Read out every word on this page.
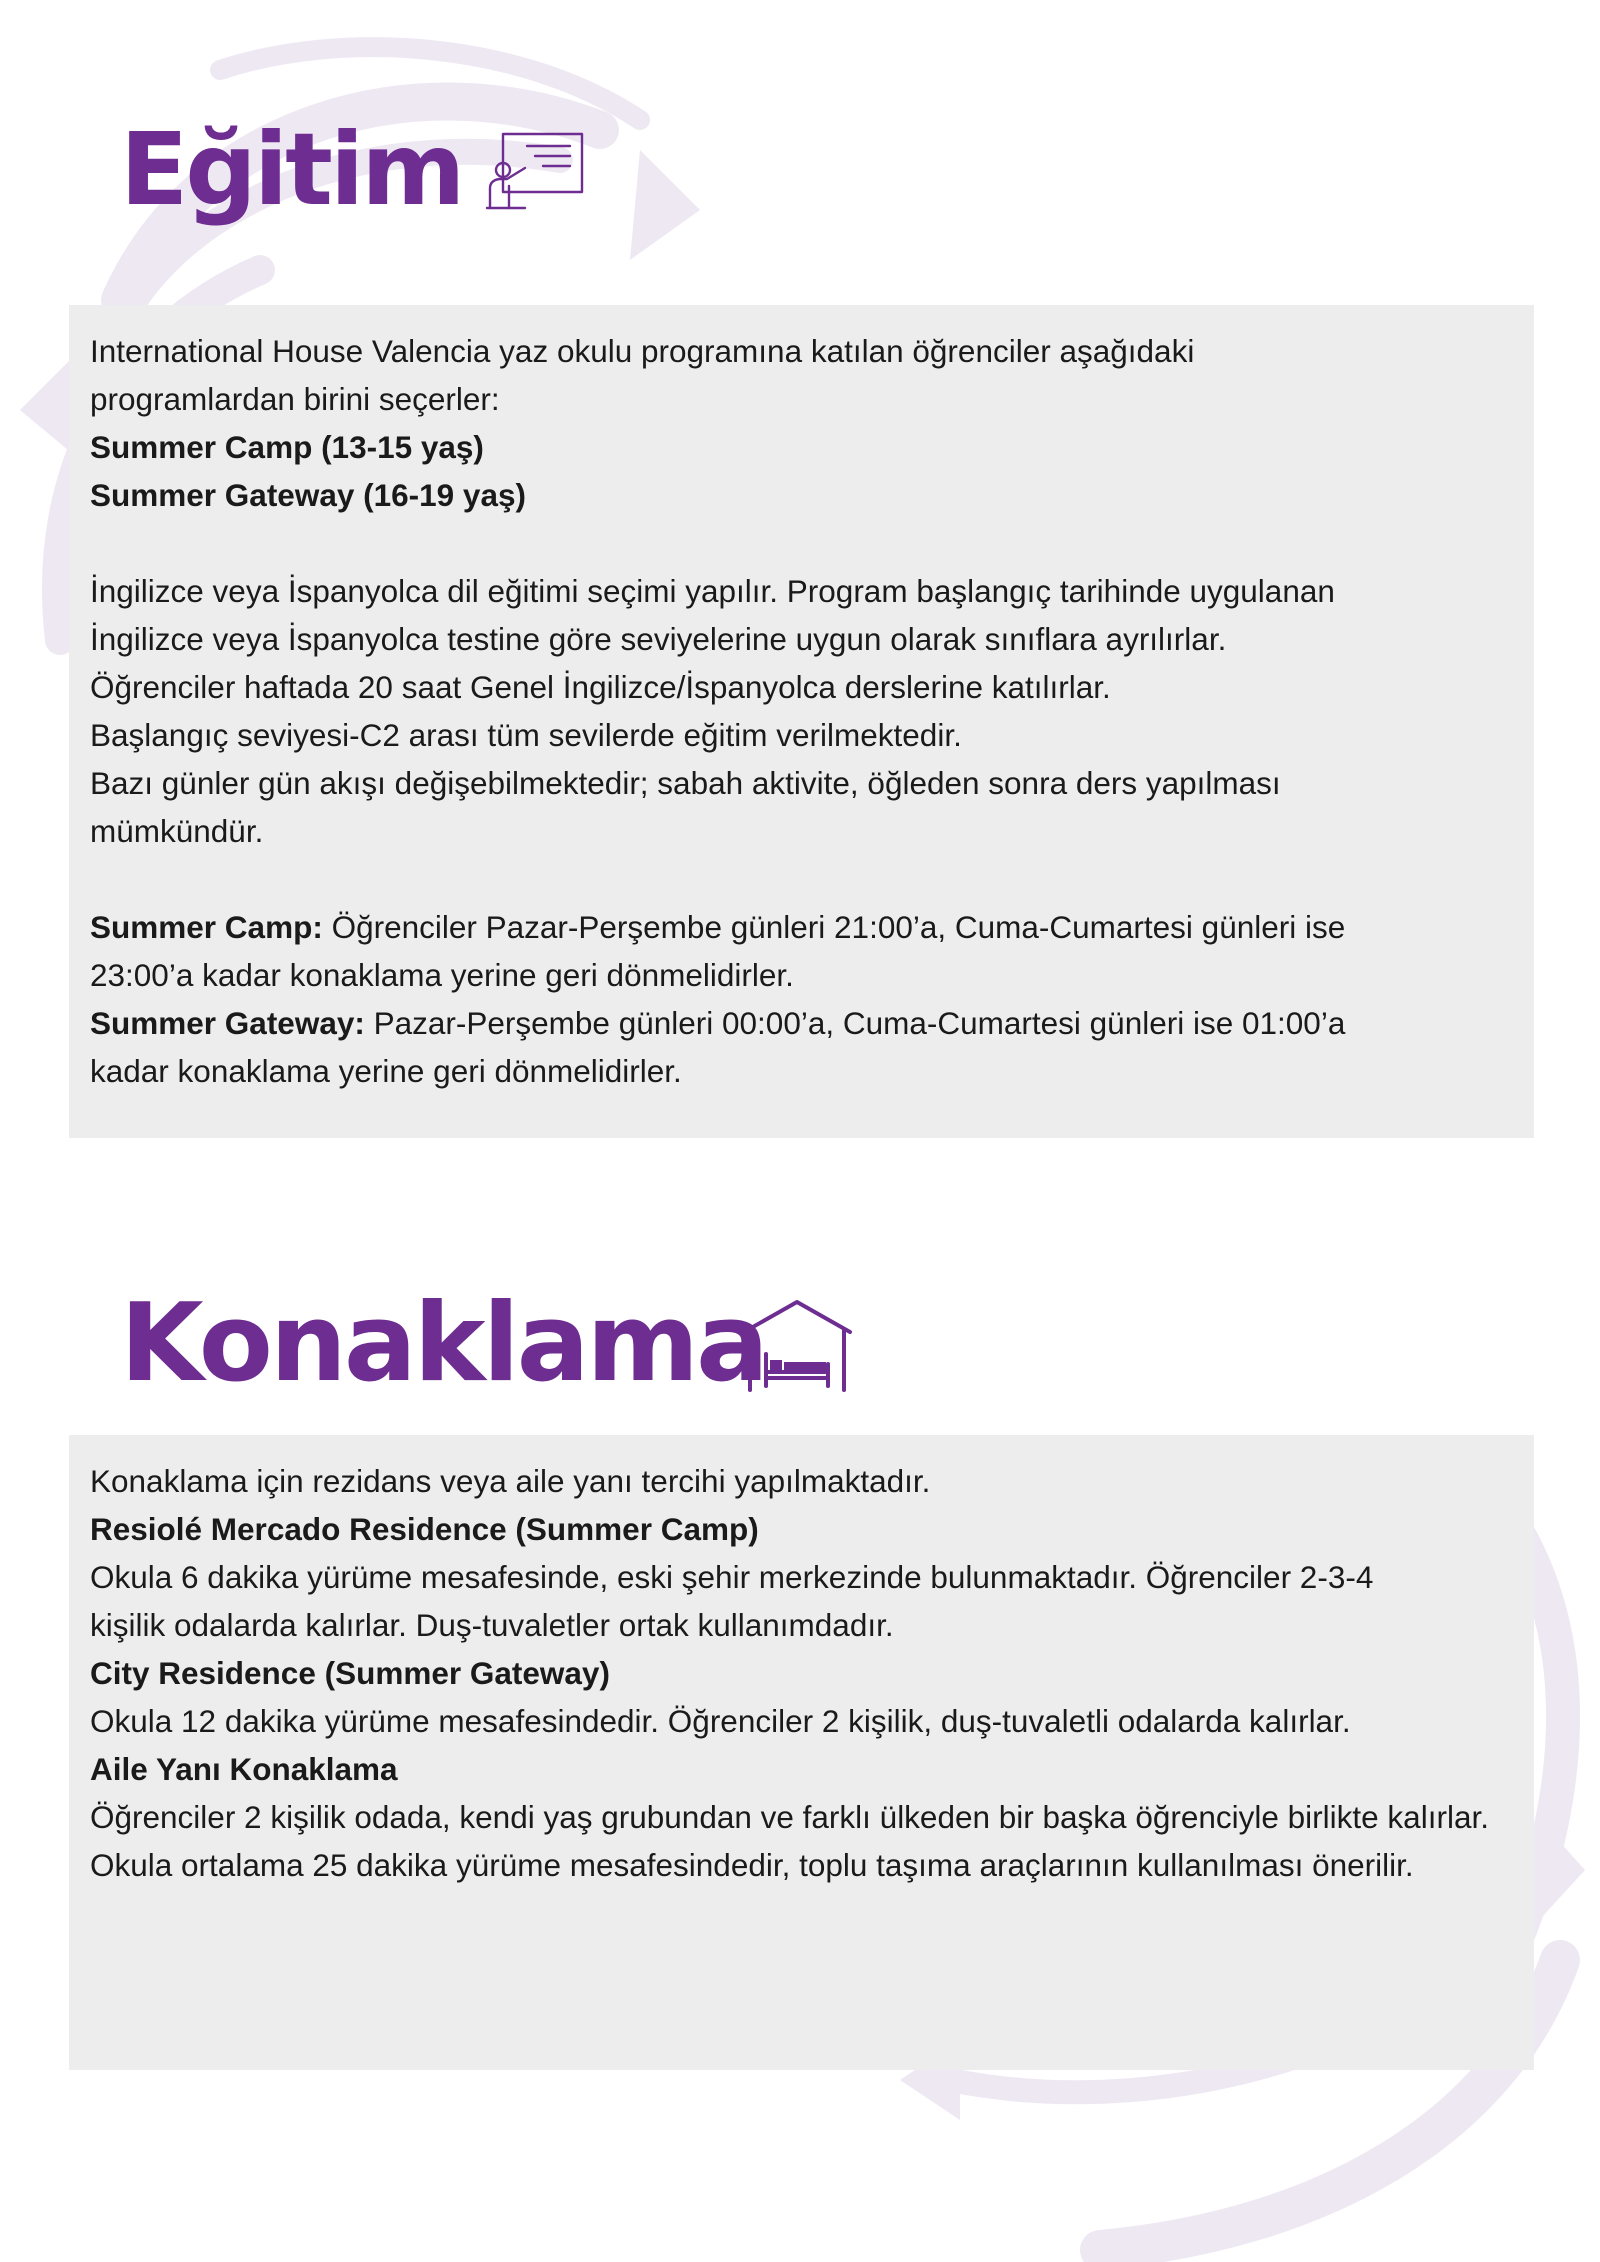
Eğitim

International House Valencia yaz okulu programına katılan öğrenciler aşağıdaki

programlardan birini seçerler:

Summer Camp (13-15 yaş)

Summer Gateway (16-19 yaş)

İngilizce veya İspanyolca dil eğitimi seçimi yapılır. Program başlangıç tarihinde uygulanan

İngilizce veya İspanyolca testine göre seviyelerine uygun olarak sınıflara ayrılırlar.

Öğrenciler haftada 20 saat Genel İngilizce/İspanyolca derslerine katılırlar.

Başlangıç seviyesi-C2 arası tüm sevilerde eğitim verilmektedir.

Bazı günler gün akışı değişebilmektedir; sabah aktivite, öğleden sonra ders yapılması

mümkündür.

Summer Camp: Öğrenciler Pazar-Perşembe günleri 21:00’a, Cuma-Cumartesi günleri ise

23:00’a kadar konaklama yerine geri dönmelidirler.

Summer Gateway: Pazar-Perşembe günleri 00:00’a, Cuma-Cumartesi günleri ise 01:00’a

kadar konaklama yerine geri dönmelidirler.

Konaklama

Konaklama için rezidans veya aile yanı tercihi yapılmaktadır.

Resiolé Mercado Residence (Summer Camp)

Okula 6 dakika yürüme mesafesinde, eski şehir merkezinde bulunmaktadır. Öğrenciler 2-3-4

kişilik odalarda kalırlar. Duş-tuvaletler ortak kullanımdadır.

City Residence (Summer Gateway)

Okula 12 dakika yürüme mesafesindedir. Öğrenciler 2 kişilik, duş-tuvaletli odalarda kalırlar.

Aile Yanı Konaklama

Öğrenciler 2 kişilik odada, kendi yaş grubundan ve farklı ülkeden bir başka öğrenciyle birlikte kalırlar.

Okula ortalama 25 dakika yürüme mesafesindedir, toplu taşıma araçlarının kullanılması önerilir.
